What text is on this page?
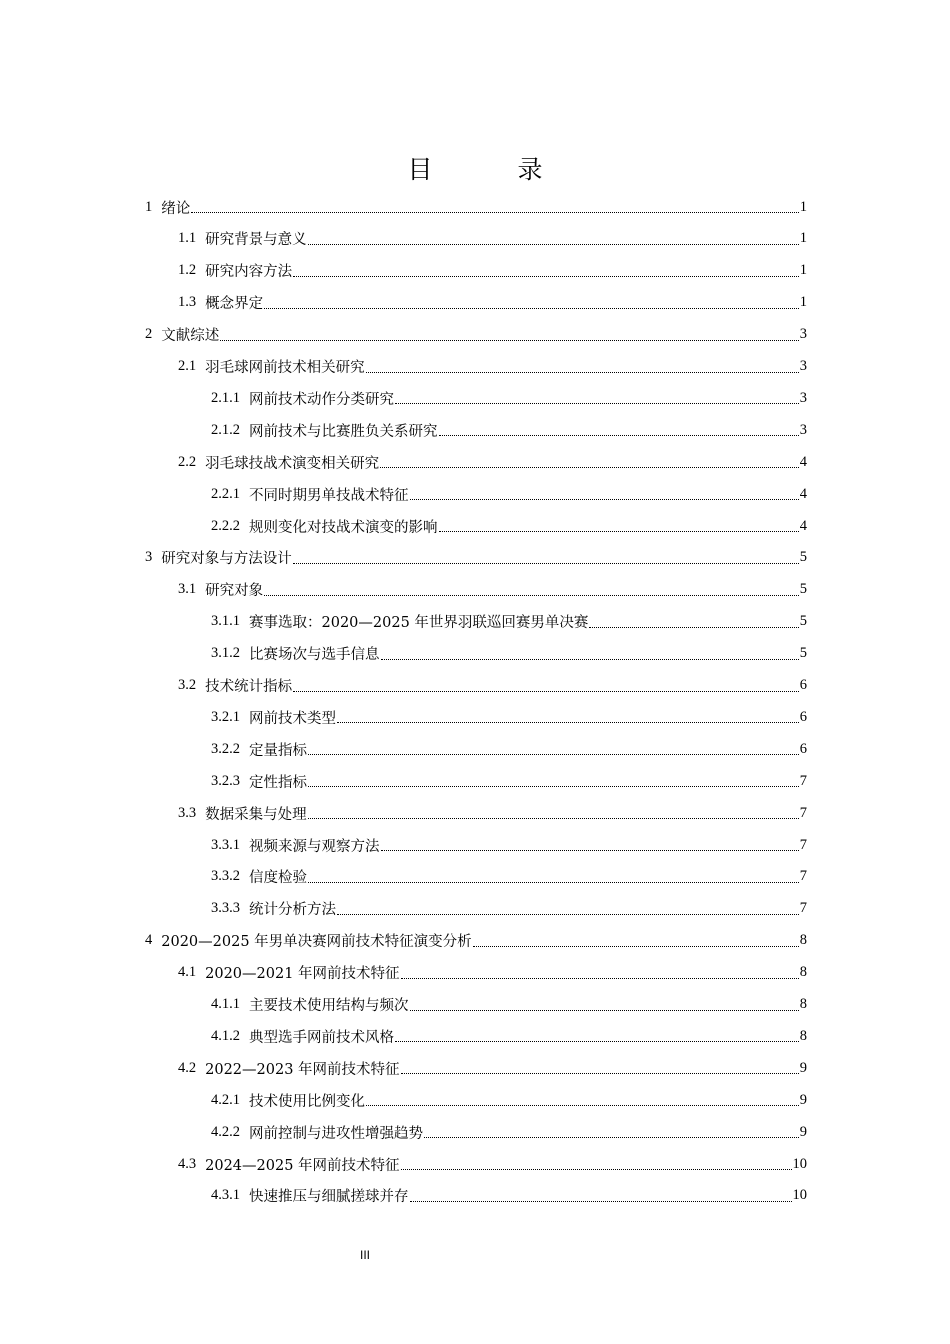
目　录
1 绪论	1
1.1 研究背景与意义	1
1.2 研究内容方法	1
1.3 概念界定	1
2 文献综述	3
2.1 羽毛球网前技术相关研究	3
2.1.1 网前技术动作分类研究	3
2.1.2 网前技术与比赛胜负关系研究	3
2.2 羽毛球技战术演变相关研究	4
2.2.1 不同时期男单技战术特征	4
2.2.2 规则变化对技战术演变的影响	4
3 研究对象与方法设计	5
3.1 研究对象	5
3.1.1 赛事选取：2020—2025 年世界羽联巡回赛男单决赛	5
3.1.2 比赛场次与选手信息	5
3.2 技术统计指标	6
3.2.1 网前技术类型	6
3.2.2 定量指标	6
3.2.3 定性指标	7
3.3 数据采集与处理	7
3.3.1 视频来源与观察方法	7
3.3.2 信度检验	7
3.3.3 统计分析方法	7
4 2020—2025 年男单决赛网前技术特征演变分析	8
4.1 2020—2021 年网前技术特征	8
4.1.1 主要技术使用结构与频次	8
4.1.2 典型选手网前技术风格	8
4.2 2022—2023 年网前技术特征	9
4.2.1 技术使用比例变化	9
4.2.2 网前控制与进攻性增强趋势	9
4.3 2024—2025 年网前技术特征	10
4.3.1 快速推压与细腻搓球并存	10
III
